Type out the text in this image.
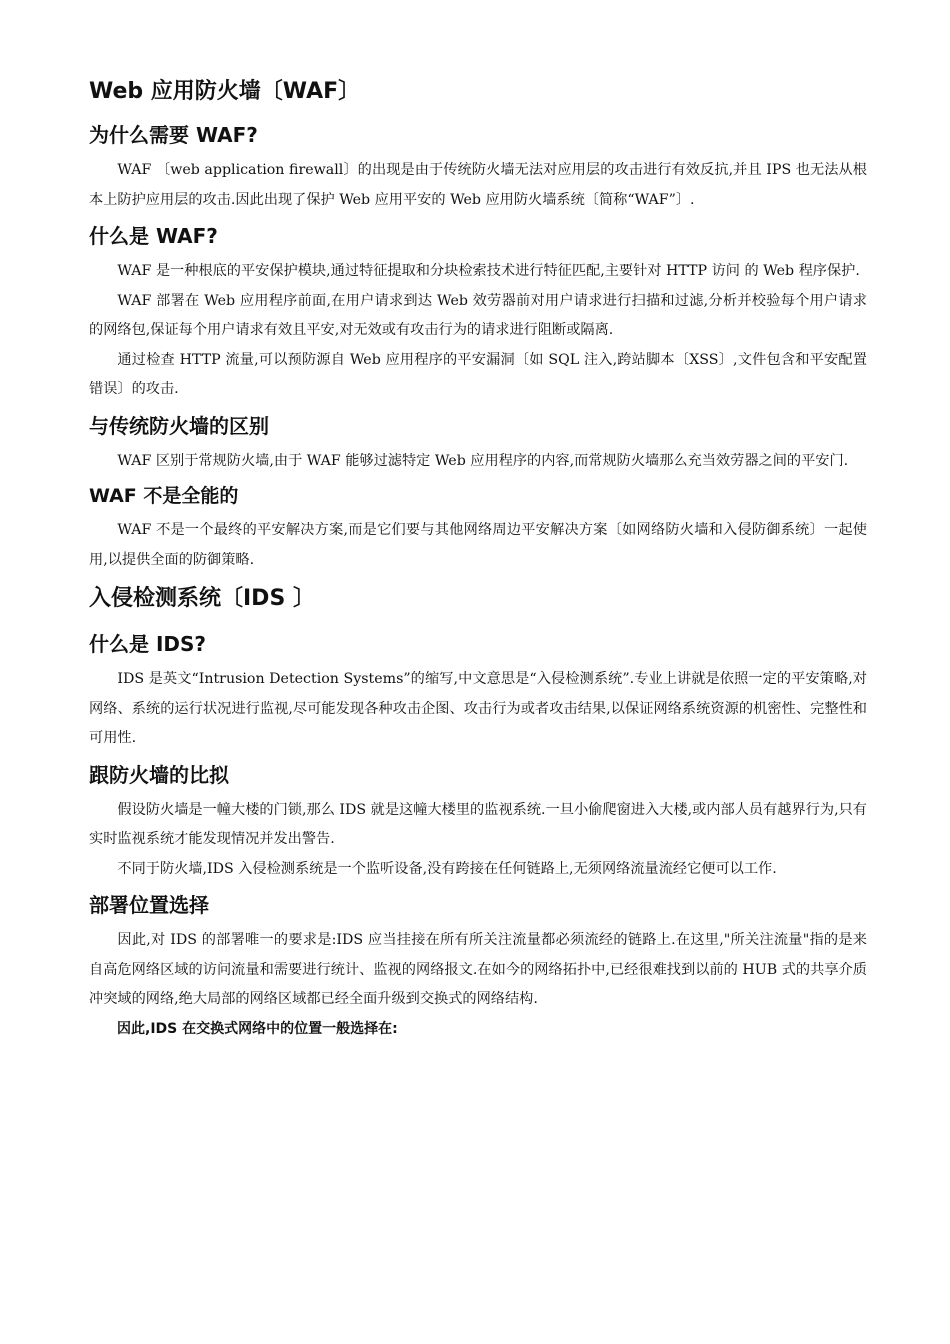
Web 应用防火墙〔WAF〕
为什么需要 WAF?

WAF 〔web application firewall〕的出现是由于传统防火墙无法对应用层的攻击进行有效反抗,并且 IPS 也无法从根本上防护应用层的攻击.因此出现了保护 Web 应用平安的 Web 应用防火墙系统〔简称“WAF”〕.

什么是 WAF?

WAF 是一种根底的平安保护模块,通过特征提取和分块检索技术进行特征匹配,主要针对 HTTP 访问 的 Web 程序保护.

WAF 部署在 Web 应用程序前面,在用户请求到达 Web 效劳器前对用户请求进行扫描和过滤,分析并校验每个用户请求的网络包,保证每个用户请求有效且平安,对无效或有攻击行为的请求进行阻断或隔离.

通过检查 HTTP 流量,可以预防源自 Web 应用程序的平安漏洞〔如 SQL 注入,跨站脚本〔XSS〕,文件包含和平安配置错误〕的攻击.

与传统防火墙的区别

WAF 区别于常规防火墙,由于 WAF 能够过滤特定 Web 应用程序的内容,而常规防火墙那么充当效劳器之间的平安门.

WAF 不是全能的

WAF 不是一个最终的平安解决方案,而是它们要与其他网络周边平安解决方案〔如网络防火墙和入侵防御系统〕一起使用,以提供全面的防御策略.

入侵检测系统〔IDS 〕
什么是 IDS?

IDS 是英文“Intrusion Detection Systems”的缩写,中文意思是“入侵检测系统”.专业上讲就是依照一定的平安策略,对网络、系统的运行状况进行监视,尽可能发现各种攻击企图、攻击行为或者攻击结果,以保证网络系统资源的机密性、完整性和可用性.

跟防火墙的比拟

假设防火墙是一幢大楼的门锁,那么 IDS 就是这幢大楼里的监视系统.一旦小偷爬窗进入大楼,或内部人员有越界行为,只有实时监视系统才能发现情况并发出警告.

不同于防火墙,IDS 入侵检测系统是一个监听设备,没有跨接在任何链路上,无须网络流量流经它便可以工作.

部署位置选择

因此,对 IDS 的部署唯一的要求是:IDS 应当挂接在所有所关注流量都必须流经的链路上.在这里,"所关注流量"指的是来自高危网络区域的访问流量和需要进行统计、监视的网络报文.在如今的网络拓扑中,已经很难找到以前的 HUB 式的共享介质冲突域的网络,绝大局部的网络区域都已经全面升级到交换式的网络结构.

因此,IDS 在交换式网络中的位置一般选择在:
